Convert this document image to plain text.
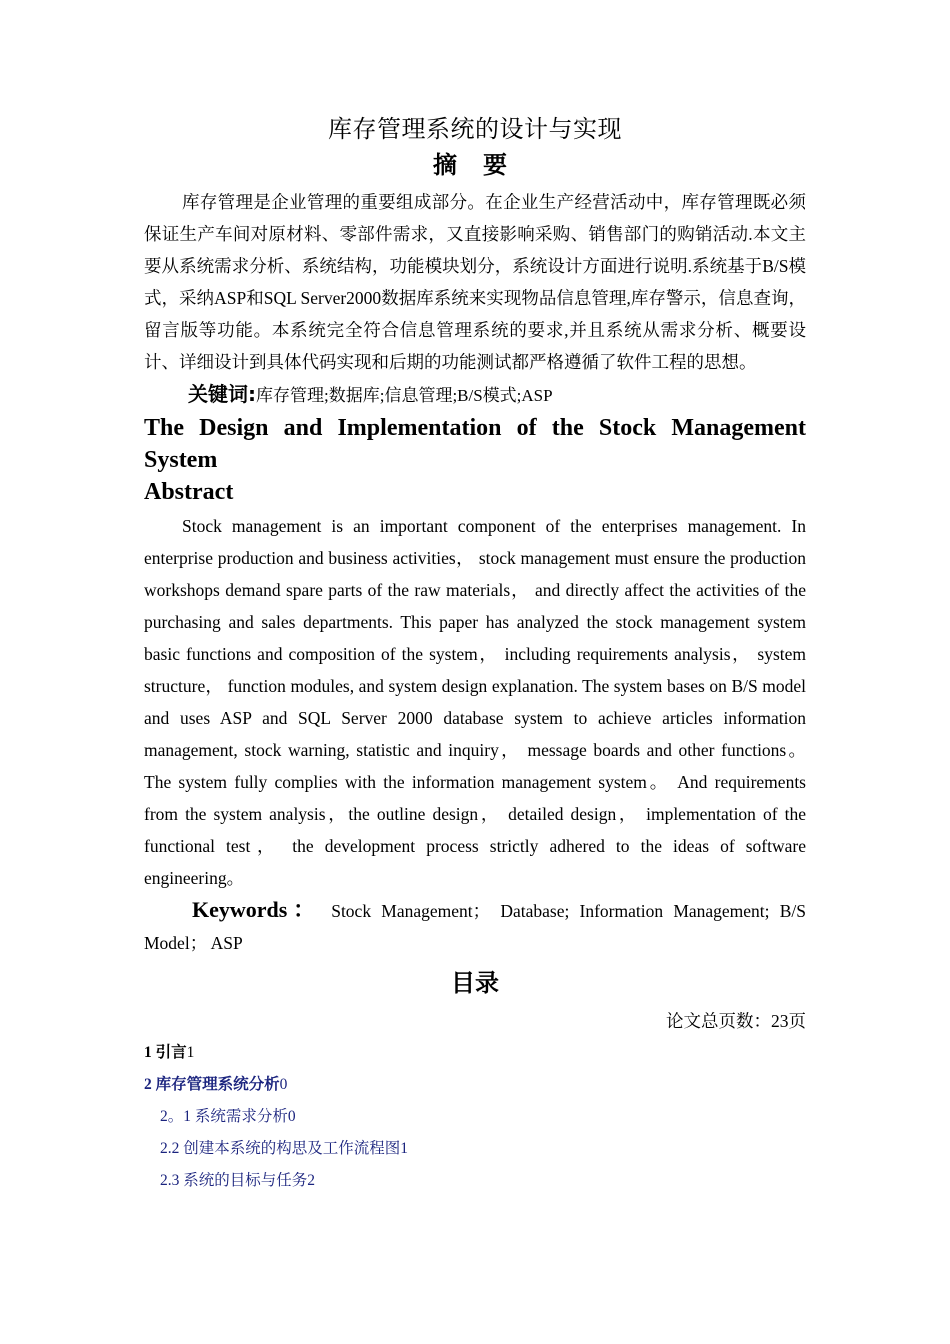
库存管理系统的设计与实现
摘 要

库存管理是企业管理的重要组成部分。在企业生产经营活动中，库存管理既必须保证生产车间对原材料、零部件需求，又直接影响采购、销售部门的购销活动.本文主要从系统需求分析、系统结构，功能模块划分，系统设计方面进行说明.系统基于B/S模式，采纳ASP和SQL Server2000数据库系统来实现物品信息管理,库存警示，信息查询，留言版等功能。本系统完全符合信息管理系统的要求,并且系统从需求分析、概要设计、详细设计到具体代码实现和后期的功能测试都严格遵循了软件工程的思想。

关键词:库存管理;数据库;信息管理;B/S模式;ASP

The Design and Implementation of the Stock Management System
Abstract

Stock management is an important component of the enterprises management. In enterprise production and business activities， stock management must ensure the production workshops demand spare parts of the raw materials， and directly affect the activities of the purchasing and sales departments. This paper has analyzed the stock management system basic functions and composition of the system， including requirements analysis， system structure， function modules, and system design explanation. The system bases on B/S model and uses ASP and SQL Server 2000 database system to achieve articles information management, stock warning, statistic and inquiry， message boards and other functions。 The system fully complies with the information management system。 And requirements from the system analysis，the outline design， detailed design， implementation of the functional test， the development process strictly adhered to the ideas of software engineering。

Keywords： Stock Management； Database; Information Management; B/S Model； ASP

目录

论文总页数：23页

1 引言1
2 库存管理系统分析0
2。1 系统需求分析0
2.2 创建本系统的构思及工作流程图1
2.3 系统的目标与任务2
